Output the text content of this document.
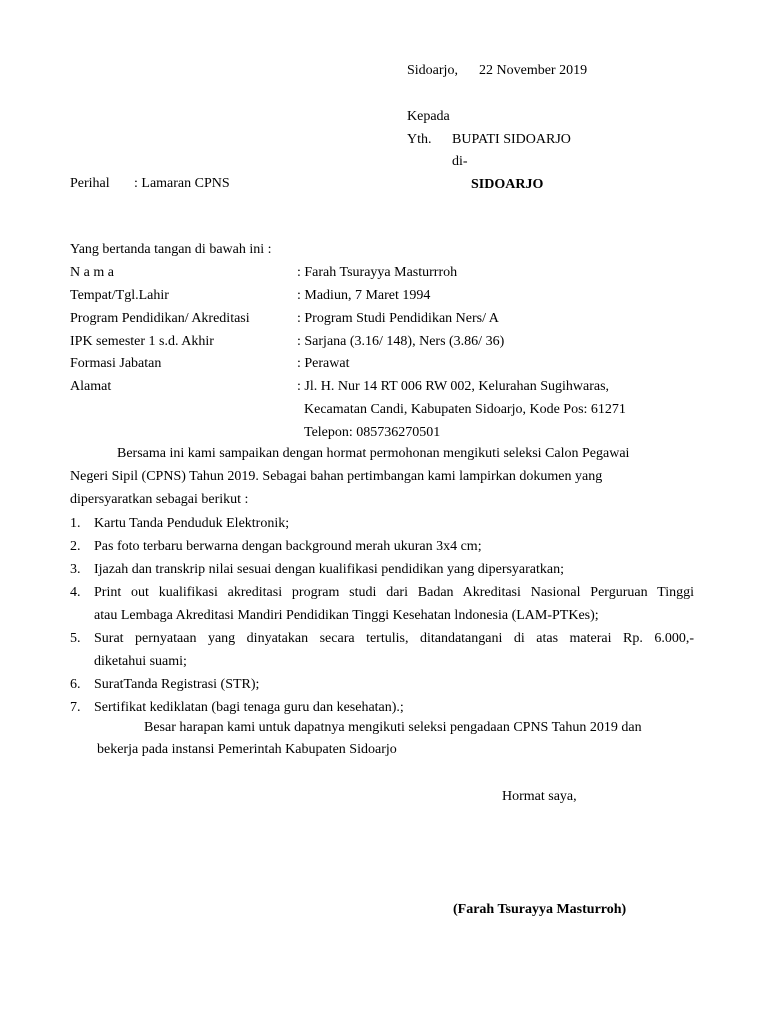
Sidoarjo, 22 November 2019
Kepada
Yth. BUPATI SIDOARJO
di-
SIDOARJO
Perihal : Lamaran CPNS
Yang bertanda tangan di bawah ini :
N a m a	: Farah Tsurayya Masturrroh
Tempat/Tgl.Lahir	: Madiun, 7 Maret 1994
Program Pendidikan/ Akreditasi	: Program Studi Pendidikan Ners/ A
IPK semester 1 s.d. Akhir	: Sarjana (3.16/ 148), Ners (3.86/ 36)
Formasi Jabatan	: Perawat
Alamat	: Jl. H. Nur 14 RT 006 RW 002, Kelurahan Sugihwaras,
Kecamatan Candi, Kabupaten Sidoarjo, Kode Pos: 61271
Telepon: 085736270501
Bersama ini kami sampaikan dengan hormat permohonan mengikuti seleksi Calon Pegawai
Negeri Sipil (CPNS) Tahun 2019. Sebagai bahan pertimbangan kami lampirkan dokumen yang
dipersyaratkan sebagai berikut :
1. Kartu Tanda Penduduk Elektronik;
2. Pas foto terbaru berwarna dengan background merah ukuran 3x4 cm;
3. Ijazah dan transkrip nilai sesuai dengan kualifikasi pendidikan yang dipersyaratkan;
4. Print out kualifikasi akreditasi program studi dari Badan Akreditasi Nasional Perguruan Tinggi
atau Lembaga Akreditasi Mandiri Pendidikan Tinggi Kesehatan lndonesia (LAM-PTKes);
5. Surat pernyataan yang dinyatakan secara tertulis, ditandatangani di atas materai Rp. 6.000,-
diketahui suami;
6. SuratTanda Registrasi (STR);
7. Sertifikat kediklatan (bagi tenaga guru dan kesehatan).;
Besar harapan kami untuk dapatnya mengikuti seleksi pengadaan CPNS Tahun 2019 dan
bekerja pada instansi Pemerintah Kabupaten Sidoarjo
Hormat saya,
(Farah Tsurayya Masturroh)
